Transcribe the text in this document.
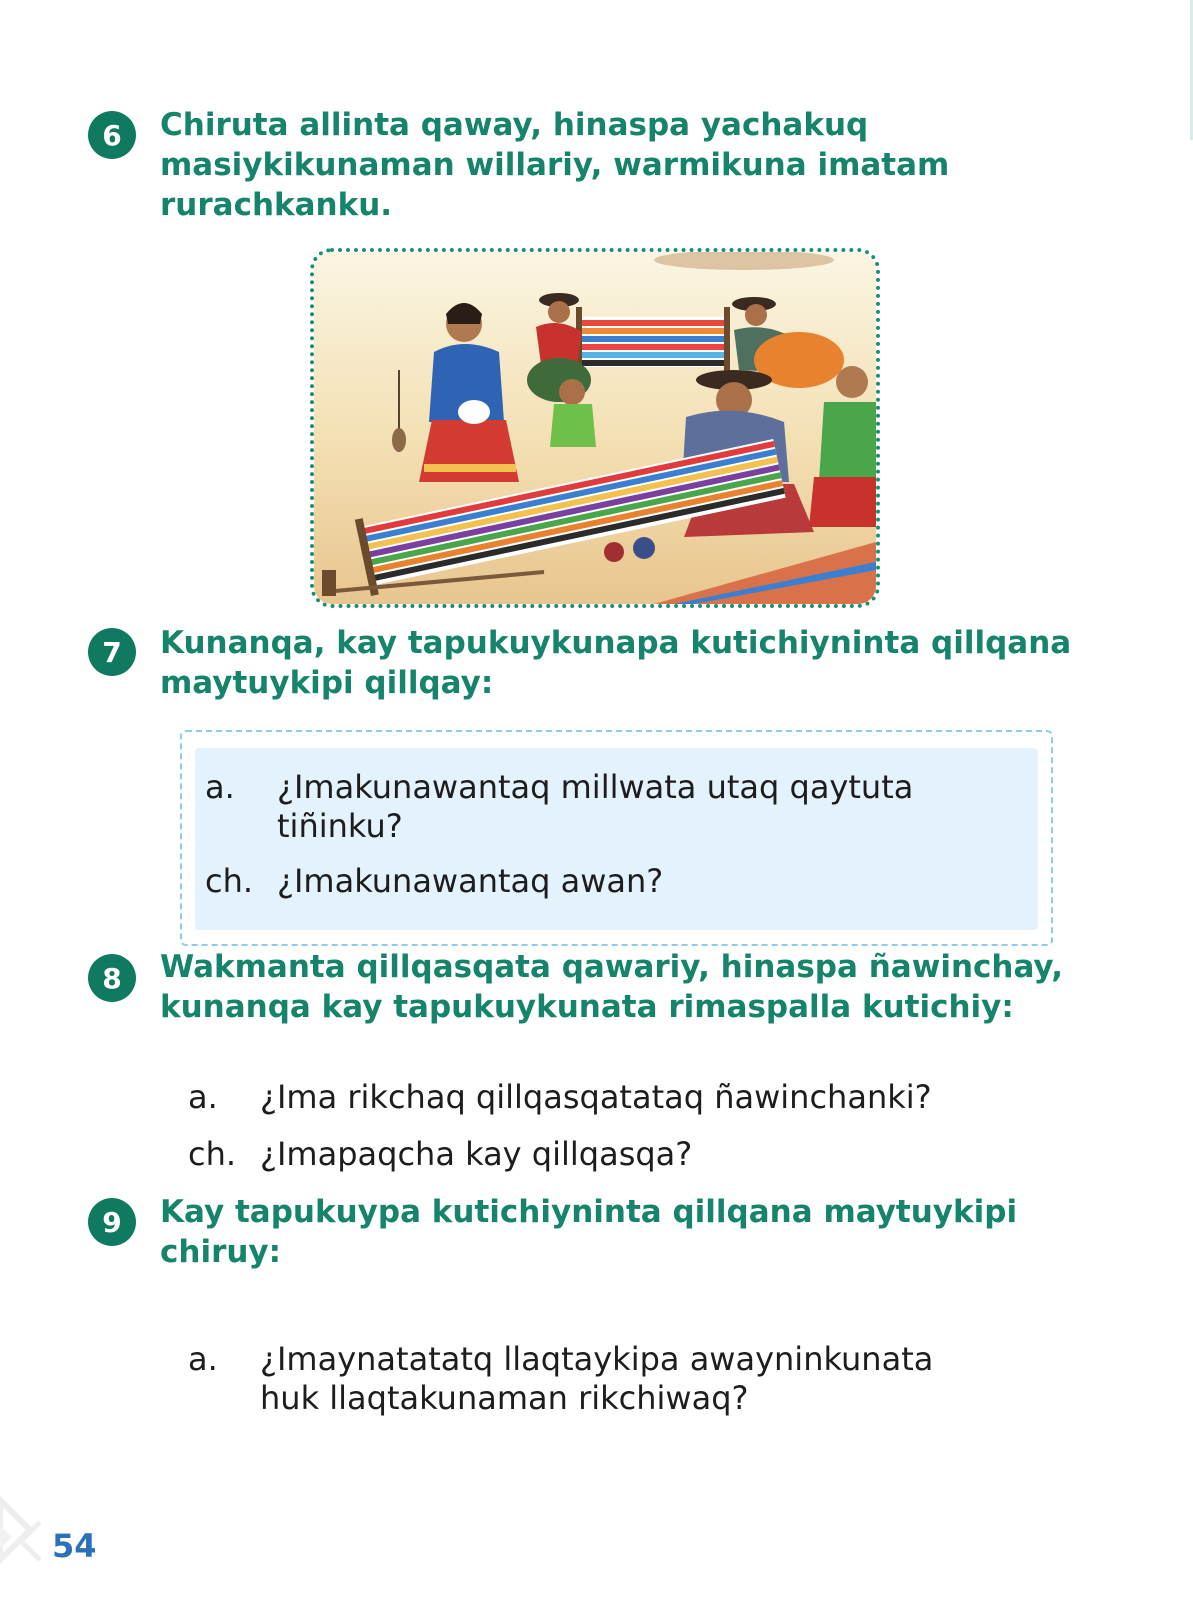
6	Chiruta allinta qaway, hinaspa yachakuq
masiykikunaman willariy, warmikuna imatam
rurachkanku.
7	Kunanqa, kay tapukuykunapa kutichiyninta qillqana
maytuykipi qillqay:
a. ¿Imakunawantaq millwata utaq qaytuta
tiñinku?
ch. ¿Imakunawantaq awan?
8	Wakmanta qillqasqata qawariy, hinaspa ñawinchay,
kunanqa kay tapukuykunata rimaspalla kutichiy:
a. ¿Ima rikchaq qillqasqatataq ñawinchanki?
ch. ¿Imapaqcha kay qillqasqa?
9	Kay tapukuypa kutichiyninta qillqana maytuykipi
chiruy:
a. ¿Imaynatatatq llaqtaykipa awayninkunata
huk llaqtakunaman rikchiwaq?
54
